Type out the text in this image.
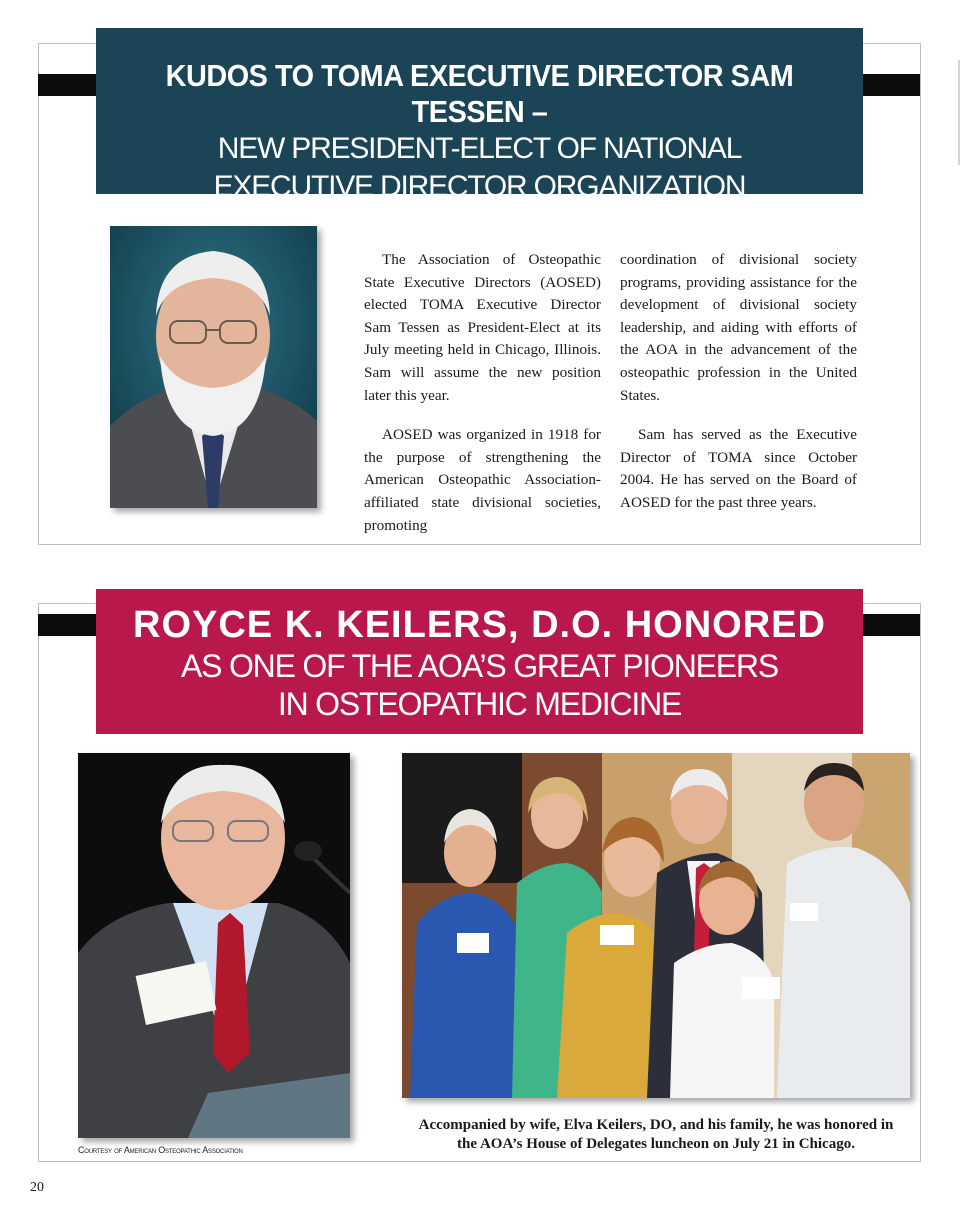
KUDOS TO TOMA EXECUTIVE DIRECTOR SAM TESSEN –
NEW PRESIDENT-ELECT OF NATIONAL
EXECUTIVE DIRECTOR ORGANIZATION

The Association of Osteopathic State Executive Directors (AOSED) elected TOMA Executive Director Sam Tessen as President-Elect at its July meeting held in Chicago, Illinois. Sam will assume the new position later this year.

AOSED was organized in 1918 for the purpose of strengthening the American Osteopathic Association-affiliated state divisional societies, promoting

coordination of divisional society programs, providing assistance for the development of divisional society leadership, and aiding with efforts of the AOA in the advancement of the osteopathic profession in the United States.

Sam has served as the Executive Director of TOMA since October 2004. He has served on the Board of AOSED for the past three years.

ROYCE K. KEILERS, D.O. HONORED
AS ONE OF THE AOA’S GREAT PIONEERS
IN OSTEOPATHIC MEDICINE
Courtesy of American Osteopathic Association
Accompanied by wife, Elva Keilers, DO, and his family, he was honored in
the AOA’s House of Delegates luncheon on July 21 in Chicago.
20
